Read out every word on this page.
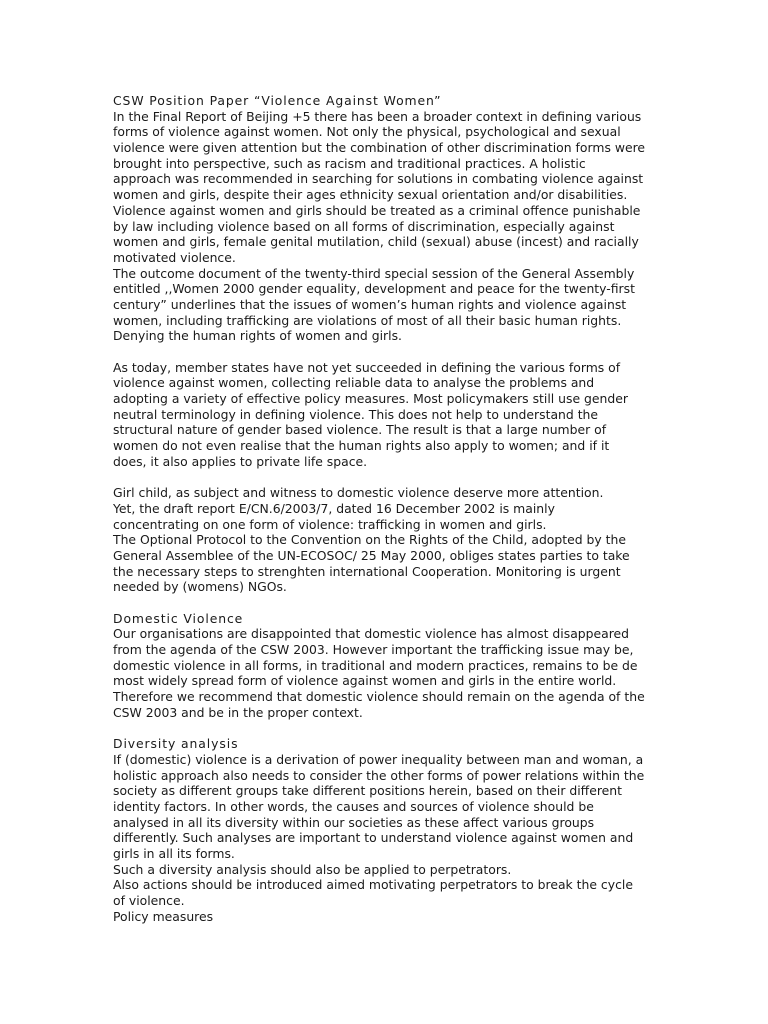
CSW Position Paper “Violence Against Women”
In the Final Report of Beijing +5 there has been a broader context in defining various
forms of violence against women. Not only the physical, psychological and sexual
violence were given attention but the combination of other discrimination forms were
brought into perspective, such as racism and traditional practices. A holistic
approach was recommended in searching for solutions in combating violence against
women and girls, despite their ages ethnicity sexual orientation and/or disabilities.
Violence against women and girls should be treated as a criminal offence punishable
by law including violence based on all forms of discrimination, especially against
women and girls, female genital mutilation, child (sexual) abuse (incest) and racially
motivated violence.
The outcome document of the twenty-third special session of the General Assembly
entitled ,,Women 2000 gender equality, development and peace for the twenty-first
century” underlines that the issues of women’s human rights and violence against
women, including trafficking are violations of most of all their basic human rights.
Denying the human rights of women and girls.
As today, member states have not yet succeeded in defining the various forms of
violence against women, collecting reliable data to analyse the problems and
adopting a variety of effective policy measures. Most policymakers still use gender
neutral terminology in defining violence. This does not help to understand the
structural nature of gender based violence. The result is that a large number of
women do not even realise that the human rights also apply to women; and if it
does, it also applies to private life space.
Girl child, as subject and witness to domestic violence deserve more attention.
Yet, the draft report E/CN.6/2003/7, dated 16 December 2002 is mainly
concentrating on one form of violence: trafficking in women and girls.
The Optional Protocol to the Convention on the Rights of the Child, adopted by the
General Assemblee of the UN-ECOSOC/ 25 May 2000, obliges states parties to take
the necessary steps to strenghten international Cooperation. Monitoring is urgent
needed by (womens) NGOs.
Domestic Violence
Our organisations are disappointed that domestic violence has almost disappeared
from the agenda of the CSW 2003. However important the trafficking issue may be,
domestic violence in all forms, in traditional and modern practices, remains to be de
most widely spread form of violence against women and girls in the entire world.
Therefore we recommend that domestic violence should remain on the agenda of the
CSW 2003 and be in the proper context.
Diversity analysis
If (domestic) violence is a derivation of power inequality between man and woman, a
holistic approach also needs to consider the other forms of power relations within the
society as different groups take different positions herein, based on their different
identity factors. In other words, the causes and sources of violence should be
analysed in all its diversity within our societies as these affect various groups
differently. Such analyses are important to understand violence against women and
girls in all its forms.
Such a diversity analysis should also be applied to perpetrators.
Also actions should be introduced aimed motivating perpetrators to break the cycle
of violence.
Policy measures
